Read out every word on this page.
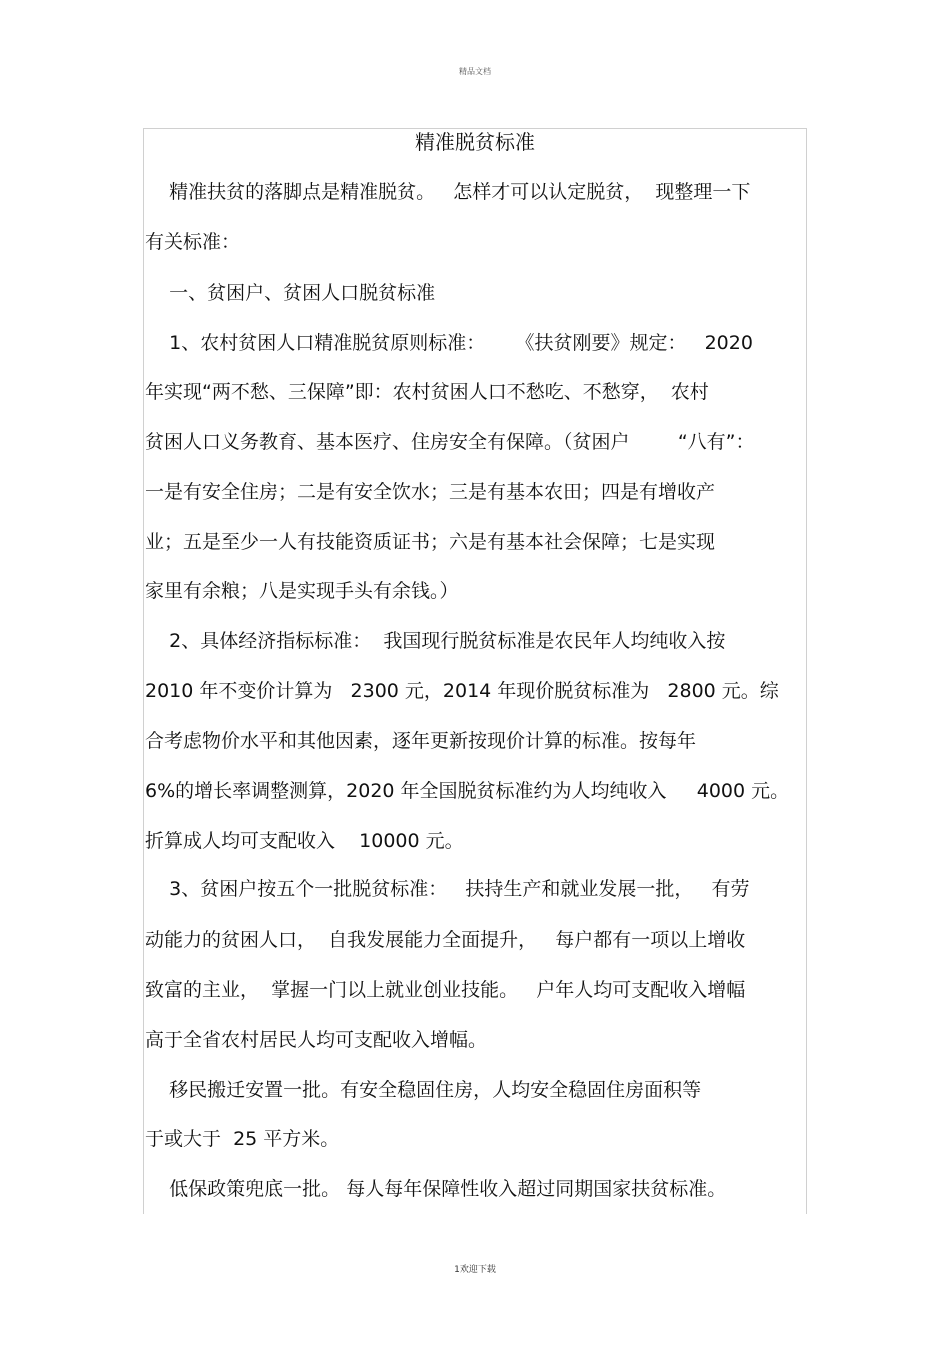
精品文档
精准脱贫标准
精准扶贫的落脚点是精准脱贫。   怎样才可以认定脱贫，  现整理一下
有关标准：
一、贫困户、贫困人口脱贫标准
1、农村贫困人口精准脱贫原则标准：     《扶贫刚要》规定：   2020
年实现“两不愁、三保障”即：农村贫困人口不愁吃、不愁穿，  农村
贫困人口义务教育、基本医疗、住房安全有保障。（贫困户        “八有”：
一是有安全住房；二是有安全饮水；三是有基本农田；四是有增收产
业；五是至少一人有技能资质证书；六是有基本社会保障；七是实现
家里有余粮；八是实现手头有余钱。）
2、具体经济指标标准：  我国现行脱贫标准是农民年人均纯收入按
2010 年不变价计算为   2300 元，2014 年现价脱贫标准为   2800 元。综
合考虑物价水平和其他因素，逐年更新按现价计算的标准。按每年
6%的增长率调整测算，2020 年全国脱贫标准约为人均纯收入     4000 元。
折算成人均可支配收入    10000 元。
3、贫困户按五个一批脱贫标准：   扶持生产和就业发展一批，   有劳
动能力的贫困人口，  自我发展能力全面提升，   每户都有一项以上增收
致富的主业，  掌握一门以上就业创业技能。   户年人均可支配收入增幅
高于全省农村居民人均可支配收入增幅。
移民搬迁安置一批。有安全稳固住房，人均安全稳固住房面积等
于或大于  25 平方米。
低保政策兜底一批。 每人每年保障性收入超过同期国家扶贫标准。
1欢迎下载
